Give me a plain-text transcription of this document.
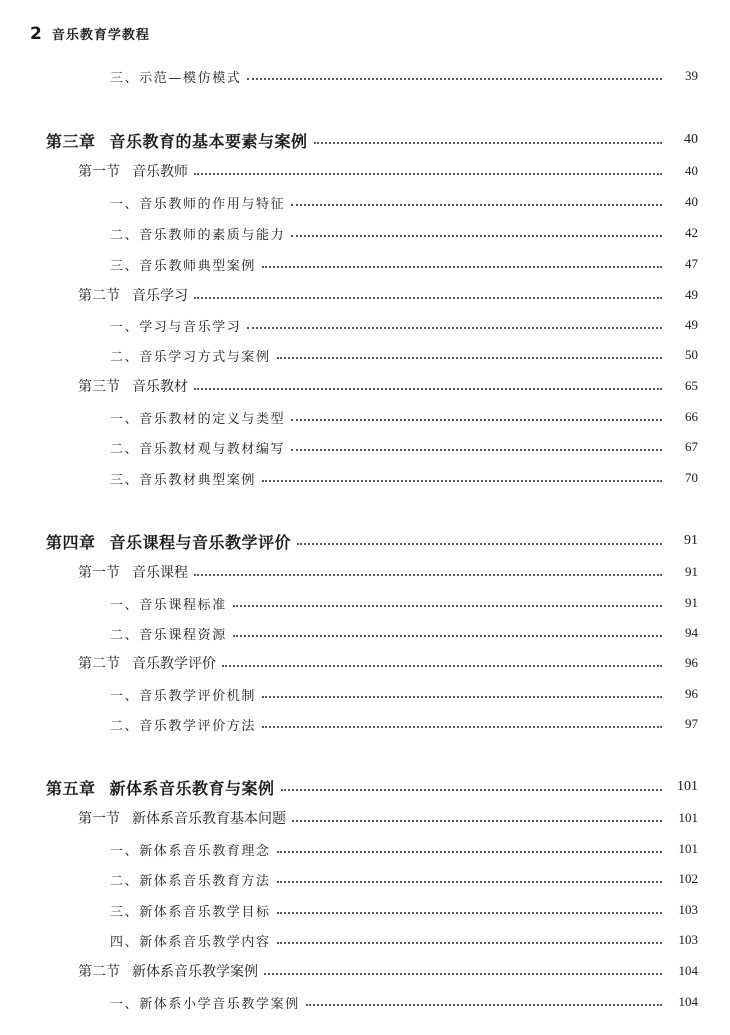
2 音乐教育学教程
三、示范—模仿模式	39
第三章 音乐教育的基本要素与案例	40
第一节 音乐教师	40
一、音乐教师的作用与特征	40
二、音乐教师的素质与能力	42
三、音乐教师典型案例	47
第二节 音乐学习	49
一、学习与音乐学习	49
二、音乐学习方式与案例	50
第三节 音乐教材	65
一、音乐教材的定义与类型	66
二、音乐教材观与教材编写	67
三、音乐教材典型案例	70
第四章 音乐课程与音乐教学评价	91
第一节 音乐课程	91
一、音乐课程标准	91
二、音乐课程资源	94
第二节 音乐教学评价	96
一、音乐教学评价机制	96
二、音乐教学评价方法	97
第五章 新体系音乐教育与案例	101
第一节 新体系音乐教育基本问题	101
一、新体系音乐教育理念	101
二、新体系音乐教育方法	102
三、新体系音乐教学目标	103
四、新体系音乐教学内容	103
第二节 新体系音乐教学案例	104
一、新体系小学音乐教学案例	104
